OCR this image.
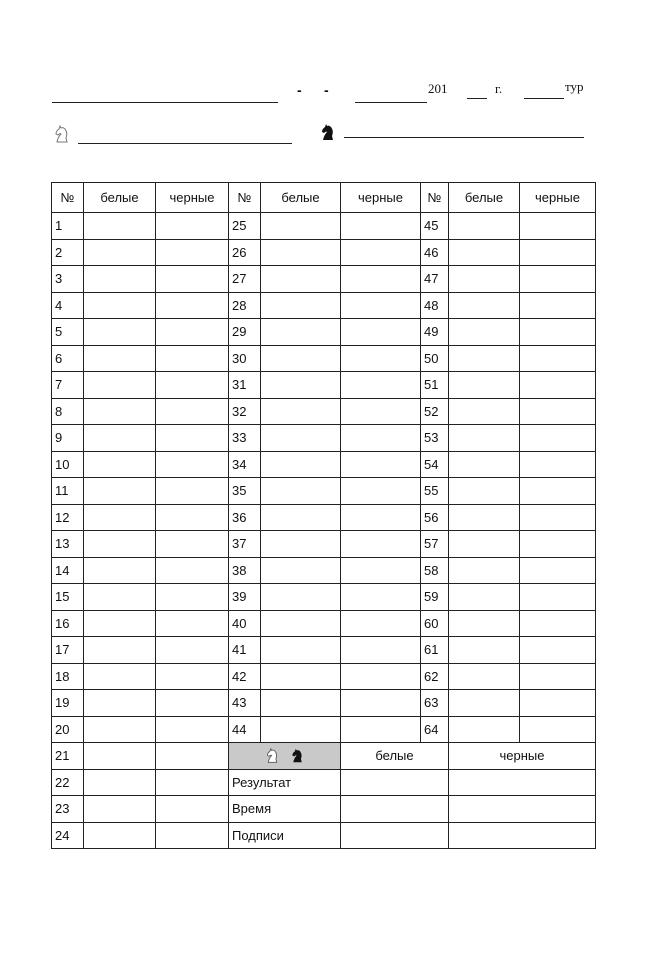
- -	201	г.	тур
№	белые	черные	№	белые	черные	№	белые	черные
1			25			45		
2			26			46		
3			27			47		
4			28			48		
5			29			49		
6			30			50		
7			31			51		
8			32			52		
9			33			53		
10			34			54		
11			35			55		
12			36			56		
13			37			57		
14			38			58		
15			39			59		
16			40			60		
17			41			61		
18			42			62		
19			43			63		
20			44			64		
21					белые		черные	
22			Результат					
23			Время					
24			Подписи					
